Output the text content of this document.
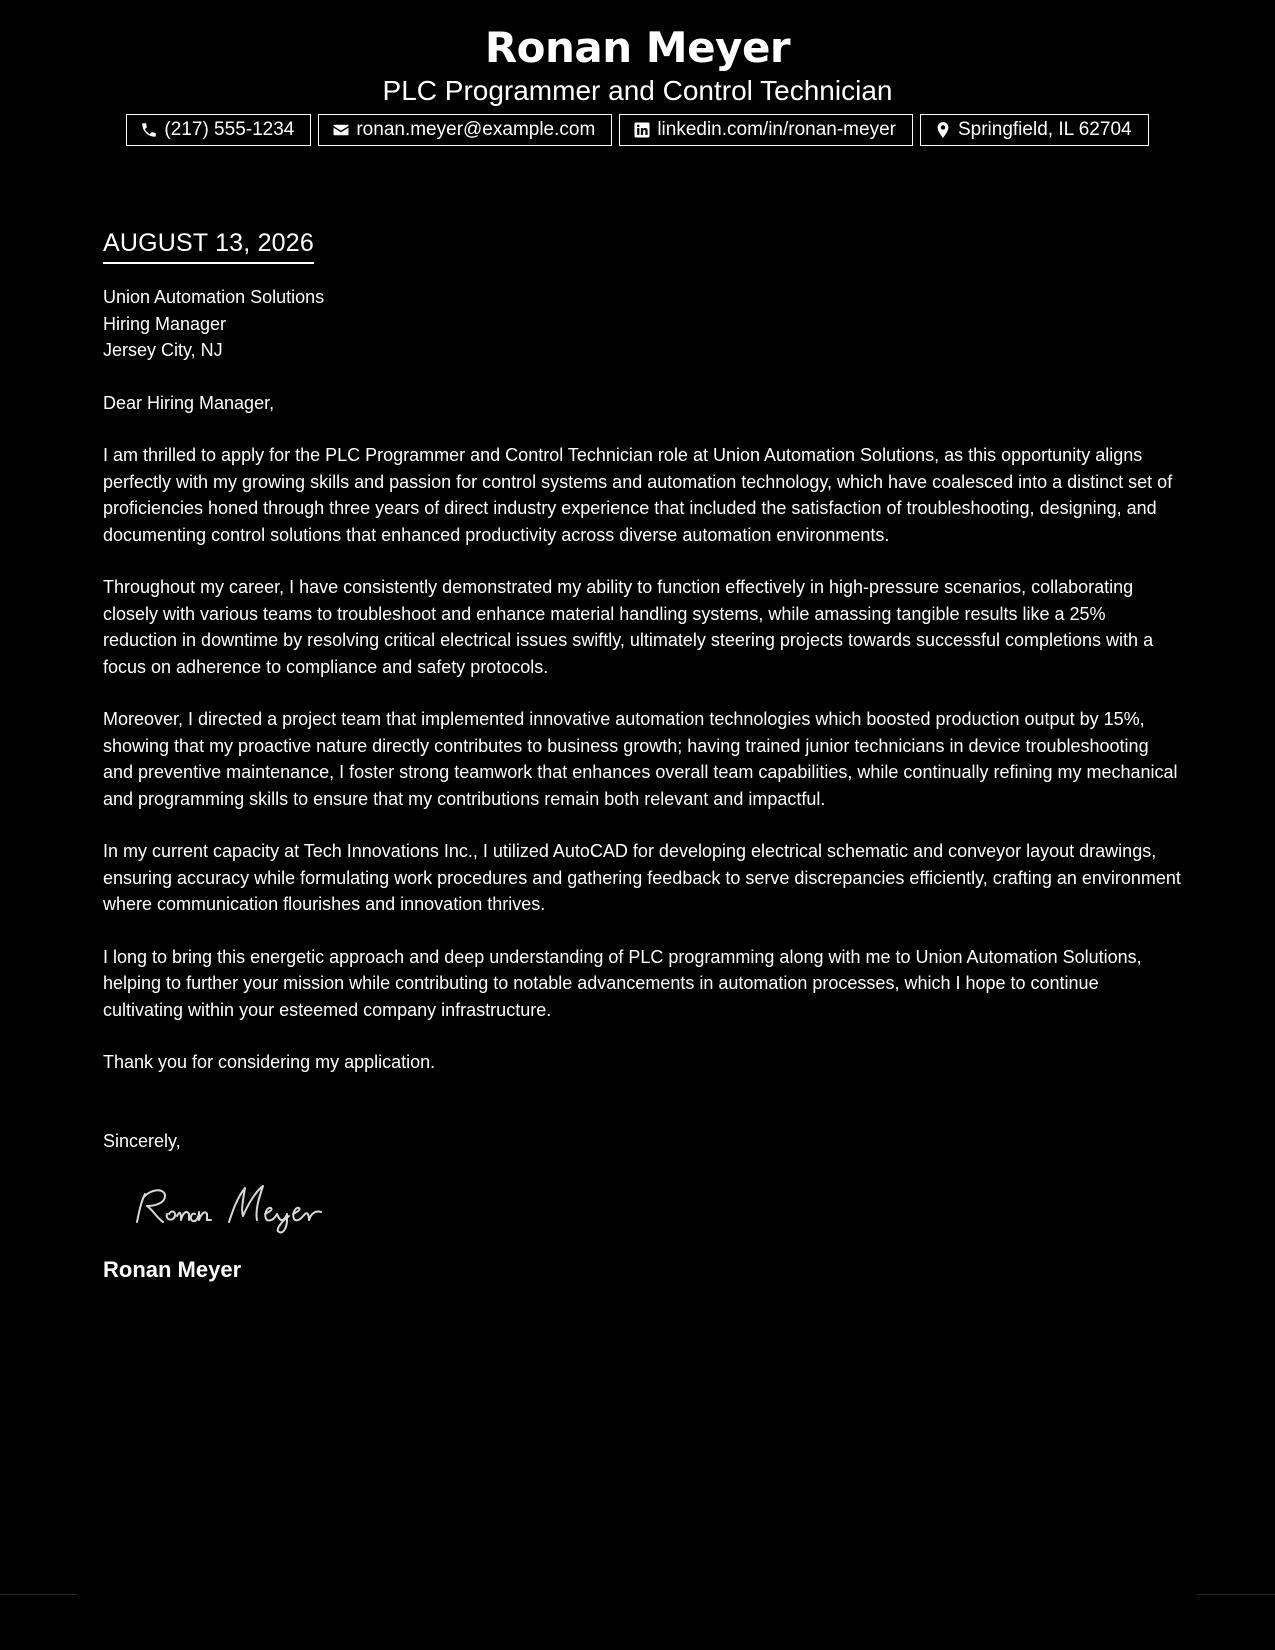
Ronan Meyer
PLC Programmer and Control Technician
(217) 555-1234	ronan.meyer@example.com	linkedin.com/in/ronan-meyer	Springfield, IL 62704
AUGUST 13, 2026
Union Automation Solutions
Hiring Manager
Jersey City, NJ
Dear Hiring Manager,
I am thrilled to apply for the PLC Programmer and Control Technician role at Union Automation Solutions, as this opportunity aligns perfectly with my growing skills and passion for control systems and automation technology, which have coalesced into a distinct set of proficiencies honed through three years of direct industry experience that included the satisfaction of troubleshooting, designing, and documenting control solutions that enhanced productivity across diverse automation environments.
Throughout my career, I have consistently demonstrated my ability to function effectively in high-pressure scenarios, collaborating closely with various teams to troubleshoot and enhance material handling systems, while amassing tangible results like a 25% reduction in downtime by resolving critical electrical issues swiftly, ultimately steering projects towards successful completions with a focus on adherence to compliance and safety protocols.
Moreover, I directed a project team that implemented innovative automation technologies which boosted production output by 15%, showing that my proactive nature directly contributes to business growth; having trained junior technicians in device troubleshooting and preventive maintenance, I foster strong teamwork that enhances overall team capabilities, while continually refining my mechanical and programming skills to ensure that my contributions remain both relevant and impactful.
In my current capacity at Tech Innovations Inc., I utilized AutoCAD for developing electrical schematic and conveyor layout drawings, ensuring accuracy while formulating work procedures and gathering feedback to serve discrepancies efficiently, crafting an environment where communication flourishes and innovation thrives.
I long to bring this energetic approach and deep understanding of PLC programming along with me to Union Automation Solutions, helping to further your mission while contributing to notable advancements in automation processes, which I hope to continue cultivating within your esteemed company infrastructure.
Thank you for considering my application.
Sincerely,
Ronan Meyer
